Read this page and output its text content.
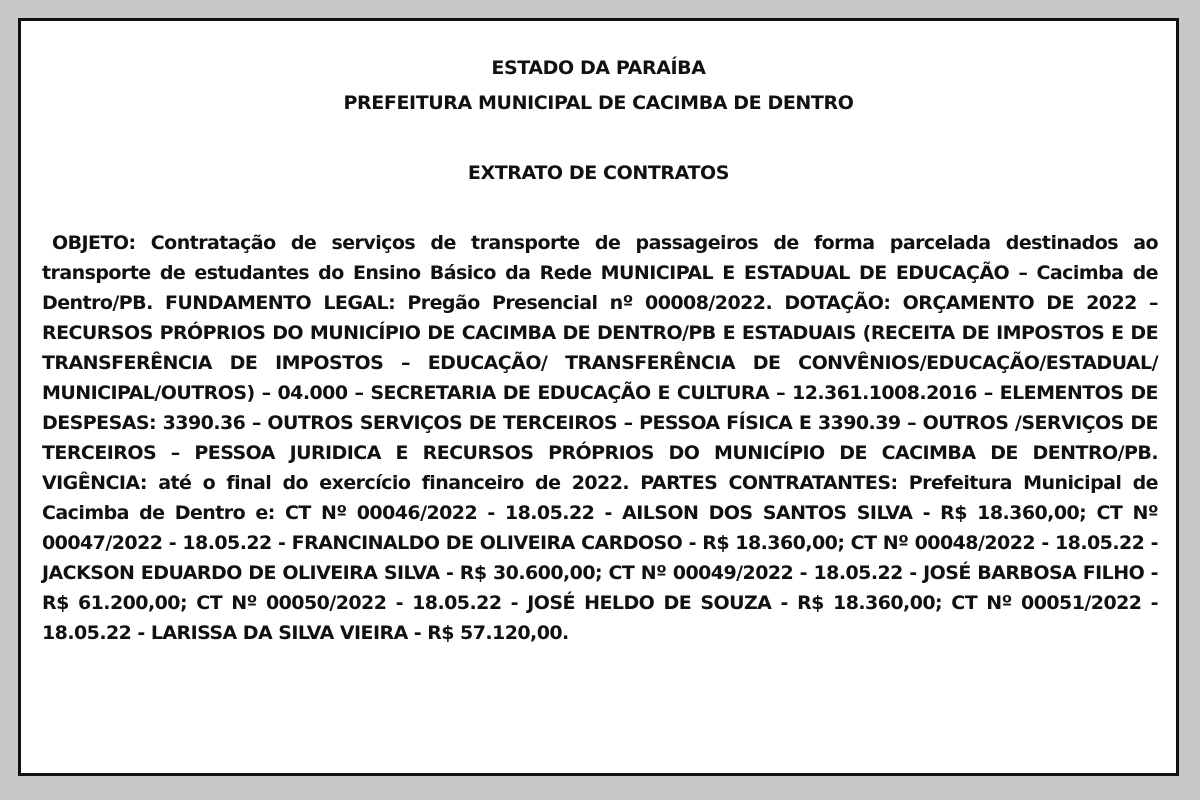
ESTADO DA PARAÍBA
PREFEITURA MUNICIPAL DE CACIMBA DE DENTRO
EXTRATO DE CONTRATOS

OBJETO: Contratação de serviços de transporte de passageiros de forma parcelada destinados ao transporte de estudantes do Ensino Básico da Rede MUNICIPAL E ESTADUAL DE EDUCAÇÃO – Cacimba de Dentro/PB. FUNDAMENTO LEGAL: Pregão Presencial nº 00008/2022. DOTAÇÃO: ORÇAMENTO DE 2022 – RECURSOS PRÓPRIOS DO MUNICÍPIO DE CACIMBA DE DENTRO/PB E ESTADUAIS (RECEITA DE IMPOSTOS E DE TRANSFERÊNCIA DE IMPOSTOS – EDUCAÇÃO/ TRANSFERÊNCIA DE CONVÊNIOS/EDUCAÇÃO/ESTADUAL/ MUNICIPAL/OUTROS) – 04.000 – SECRETARIA DE EDUCAÇÃO E CULTURA – 12.361.1008.2016 – ELEMENTOS DE DESPESAS: 3390.36 – OUTROS SERVIÇOS DE TERCEIROS – PESSOA FÍSICA E 3390.39 – OUTROS /SERVIÇOS DE TERCEIROS – PESSOA JURIDICA E RECURSOS PRÓPRIOS DO MUNICÍPIO DE CACIMBA DE DENTRO/PB. VIGÊNCIA: até o final do exercício financeiro de 2022. PARTES CONTRATANTES: Prefeitura Municipal de Cacimba de Dentro e: CT Nº 00046/2022 - 18.05.22 - AILSON DOS SANTOS SILVA - R$ 18.360,00; CT Nº 00047/2022 - 18.05.22 - FRANCINALDO DE OLIVEIRA CARDOSO - R$ 18.360,00; CT Nº 00048/2022 - 18.05.22 - JACKSON EDUARDO DE OLIVEIRA SILVA - R$ 30.600,00; CT Nº 00049/2022 - 18.05.22 - JOSÉ BARBOSA FILHO - R$ 61.200,00; CT Nº 00050/2022 - 18.05.22 - JOSÉ HELDO DE SOUZA - R$ 18.360,00; CT Nº 00051/2022 - 18.05.22 - LARISSA DA SILVA VIEIRA - R$ 57.120,00.
